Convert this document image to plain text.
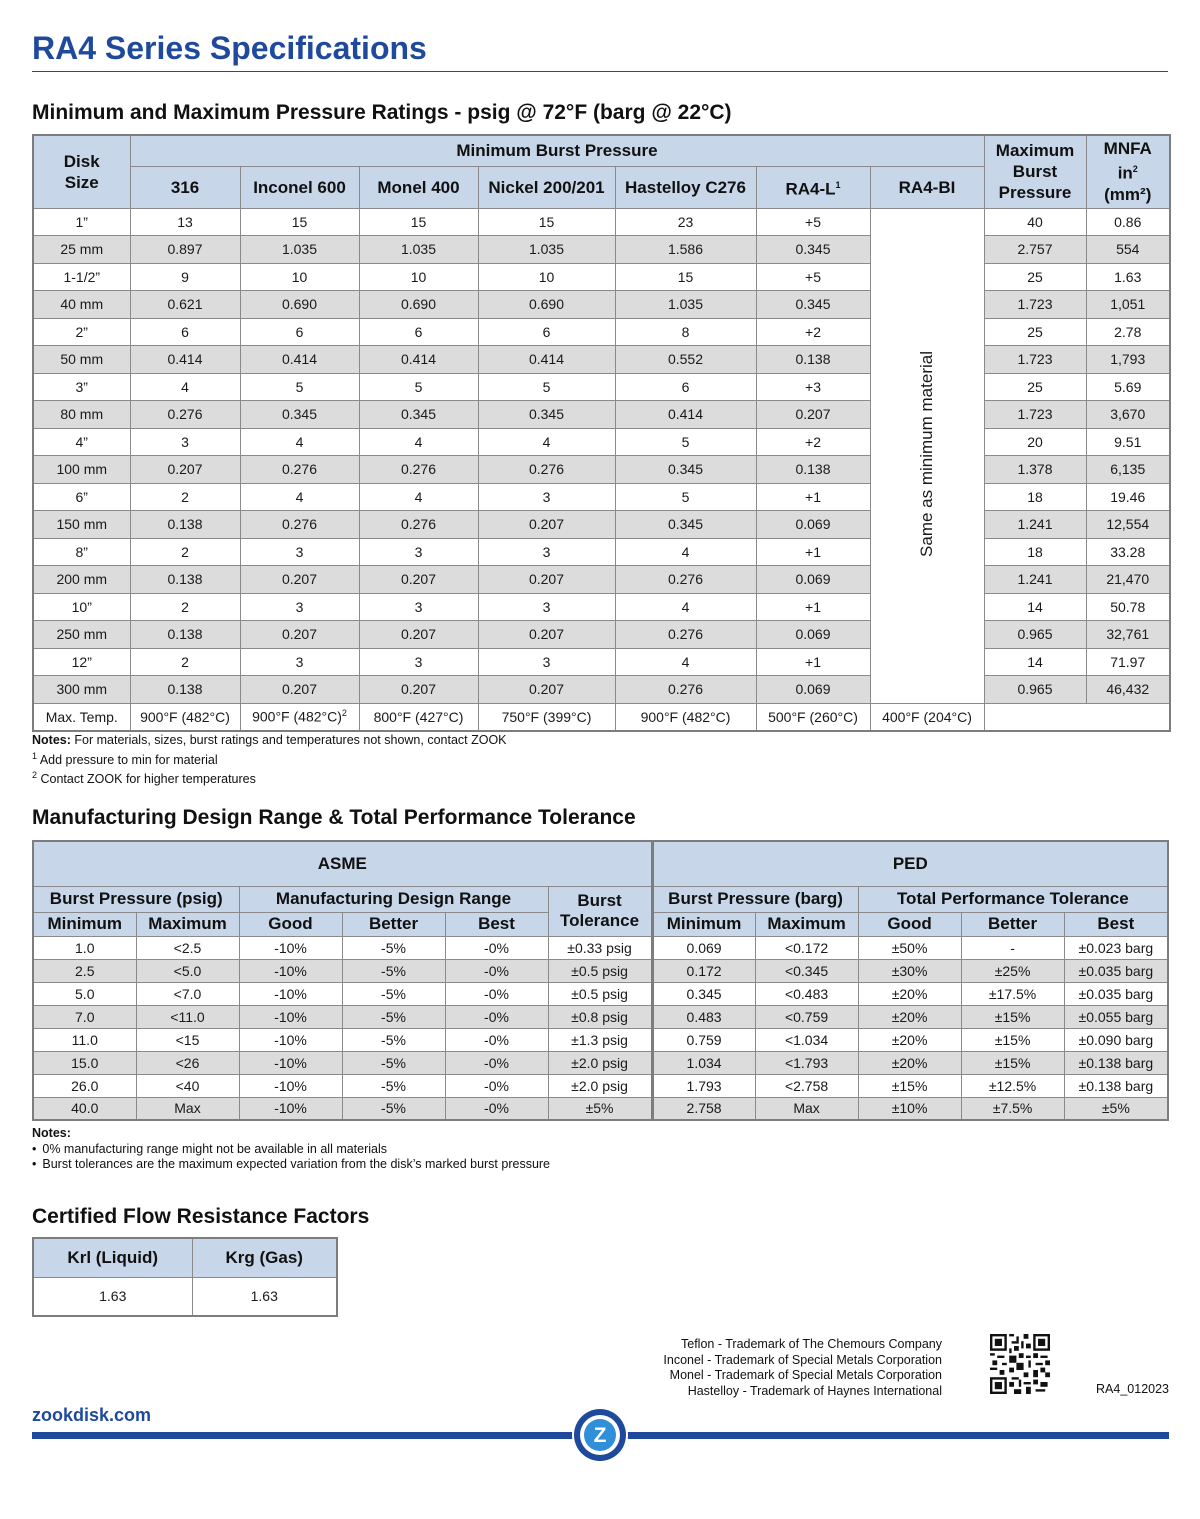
RA4 Series Specifications
Minimum and Maximum Pressure Ratings - psig @ 72°F (barg @ 22°C)
Disk Size	Minimum Burst Pressure							Maximum Burst Pressure	MNFA
$in^2$
(mm²)
	316	Inconel 600	Monel 400	Nickel 200/201	Hastelloy C276	$RA4-L^1$	RA4-BI		
1”	13	15	15	15	23	+5	Same as minimum material	40	0.86
25 mm	0.897	1.035	1.035	1.035	1.586	0.345		2.757	554
1-1/2”	9	10	10	10	15	+5		25	1.63
40 mm	0.621	0.690	0.690	0.690	1.035	0.345		1.723	1,051
2”	6	6	6	6	8	+2		25	2.78
50 mm	0.414	0.414	0.414	0.414	0.552	0.138		1.723	1,793
3”	4	5	5	5	6	+3		25	5.69
80 mm	0.276	0.345	0.345	0.345	0.414	0.207		1.723	3,670
4”	3	4	4	4	5	+2		20	9.51
100 mm	0.207	0.276	0.276	0.276	0.345	0.138		1.378	6,135
6”	2	4	4	3	5	+1		18	19.46
150 mm	0.138	0.276	0.276	0.207	0.345	0.069		1.241	12,554
8”	2	3	3	3	4	+1		18	33.28
200 mm	0.138	0.207	0.207	0.207	0.276	0.069		1.241	21,470
10”	2	3	3	3	4	+1		14	50.78
250 mm	0.138	0.207	0.207	0.207	0.276	0.069		0.965	32,761
12”	2	3	3	3	4	+1		14	71.97
300 mm	0.138	0.207	0.207	0.207	0.276	0.069		0.965	46,432
Max. Temp.	900°F (482°C)	900°F $(482^\circ C)^2$	800°F (427°C)	750°F (399°C)	900°F (482°C)	500°F (260°C)	400°F (204°C)		
Notes: For materials, sizes, burst ratings and temperatures not shown, contact ZOOK
$^1$ Add pressure to min for material
$^2$ Contact ZOOK for higher temperatures
Manufacturing Design Range & Total Performance Tolerance
ASME						PED				
Burst Pressure (psig)		Manufacturing Design Range			Burst Tolerance	Burst Pressure (barg)		Total Performance Tolerance		
Minimum	Maximum	Good	Better	Best		Minimum	Maximum	Good	Better	Best
1.0	<2.5	-10%	-5%	-0%	±0.33 psig	0.069	<0.172	±50%	-	±0.023 barg
2.5	<5.0	-10%	-5%	-0%	±0.5 psig	0.172	<0.345	±30%	±25%	±0.035 barg
5.0	<7.0	-10%	-5%	-0%	±0.5 psig	0.345	<0.483	±20%	±17.5%	±0.035 barg
7.0	<11.0	-10%	-5%	-0%	±0.8 psig	0.483	<0.759	±20%	±15%	±0.055 barg
11.0	<15	-10%	-5%	-0%	±1.3 psig	0.759	<1.034	±20%	±15%	±0.090 barg
15.0	<26	-10%	-5%	-0%	±2.0 psig	1.034	<1.793	±20%	±15%	±0.138 barg
26.0	<40	-10%	-5%	-0%	±2.0 psig	1.793	<2.758	±15%	±12.5%	±0.138 barg
40.0	Max	-10%	-5%	-0%	±5%	2.758	Max	±10%	±7.5%	±5%
Notes:
• 0% manufacturing range might not be available in all materials
• Burst tolerances are the maximum expected variation from the disk’s marked burst pressure
Certified Flow Resistance Factors
Krl (Liquid)	Krg (Gas)
1.63	1.63
Teflon - Trademark of The Chemours Company
Inconel - Trademark of Special Metals Corporation
Monel - Trademark of Special Metals Corporation
Hastelloy - Trademark of Haynes International	RA4_012023
zookdisk.com
Z
